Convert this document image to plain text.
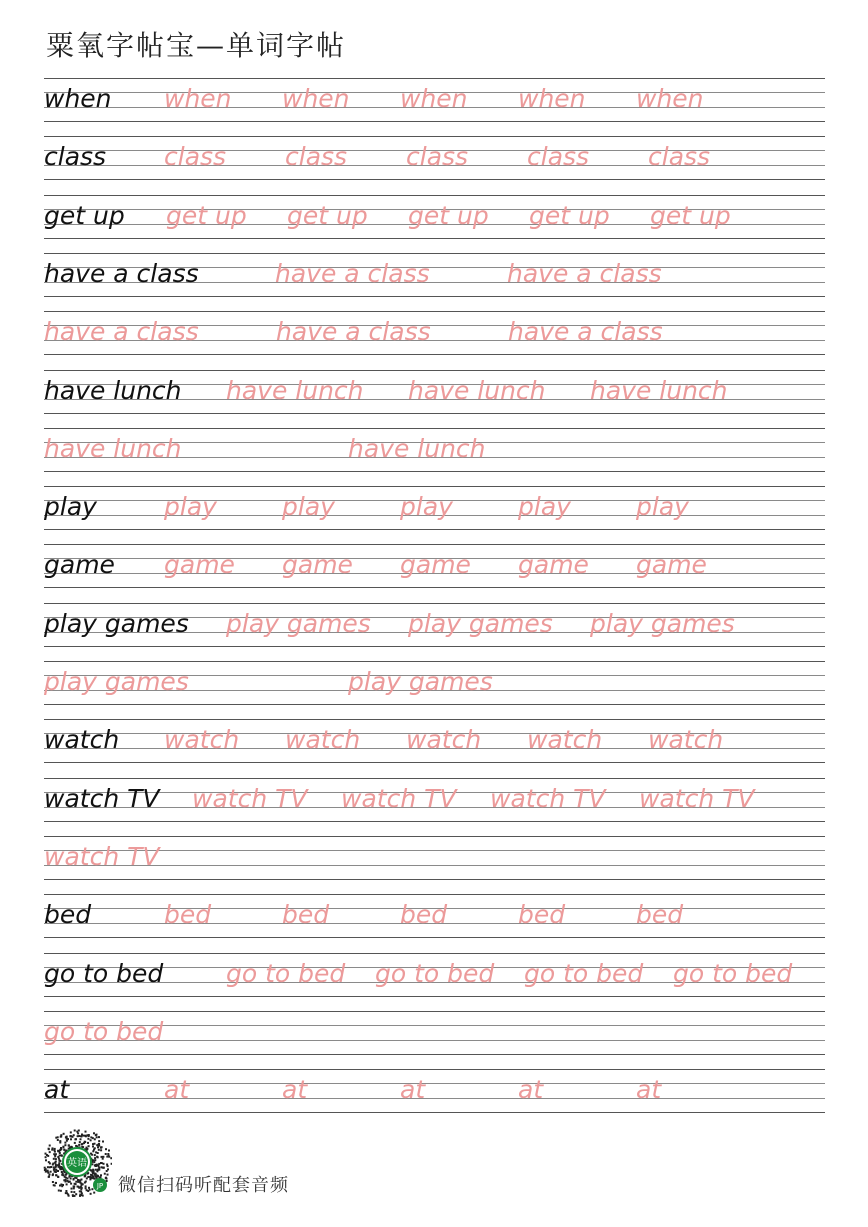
粟氧字帖宝—单词字帖
when when when when when when
class class class class class class
get up get up get up get up get up get up
have a class	have a class	have a class
have a class	have a class	have a class
have lunch have lunch have lunch have lunch
have lunch	have lunch
play	play	play	play	play	play
game game game game game game
play games play games play games play games
play games	play games
watch watch watch watch watch watch
watch TV watch TV watch TV watch TV watch TV
watch TV
bed	bed	bed	bed	bed	bed
go to bed	go to bed go to bed go to bed go to bed
go to bed
at	at	at	at	at	at
英语
JP 微信扫码听配套音频
